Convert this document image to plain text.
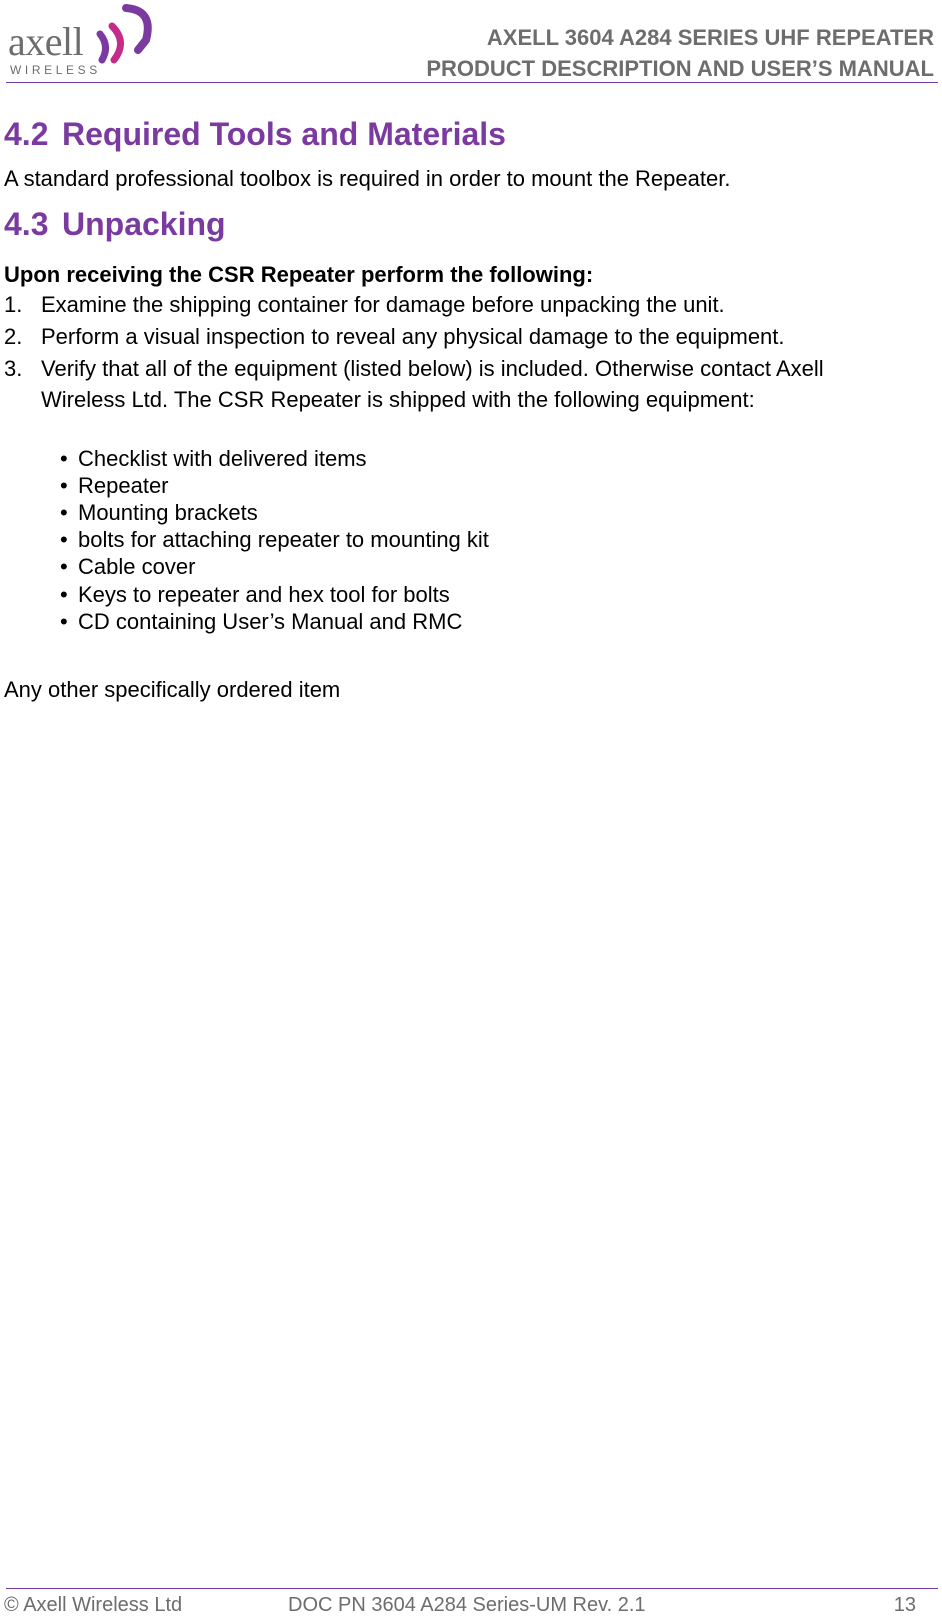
axell
WIRELESS
AXELL 3604 A284 SERIES UHF REPEATER
PRODUCT DESCRIPTION AND USER’S MANUAL
4.2 Required Tools and Materials
A standard professional toolbox is required in order to mount the Repeater.
4.3 Unpacking
Upon receiving the CSR Repeater perform the following:
1. Examine the shipping container for damage before unpacking the unit.
2. Perform a visual inspection to reveal any physical damage to the equipment.
3. Verify that all of the equipment (listed below) is included. Otherwise contact Axell
Wireless Ltd. The CSR Repeater is shipped with the following equipment:
• Checklist with delivered items
• Repeater
• Mounting brackets
• bolts for attaching repeater to mounting kit
• Cable cover
• Keys to repeater and hex tool for bolts
• CD containing User’s Manual and RMC
Any other specifically ordered item
© Axell Wireless Ltd	DOC PN 3604 A284 Series-UM Rev. 2.1	13
